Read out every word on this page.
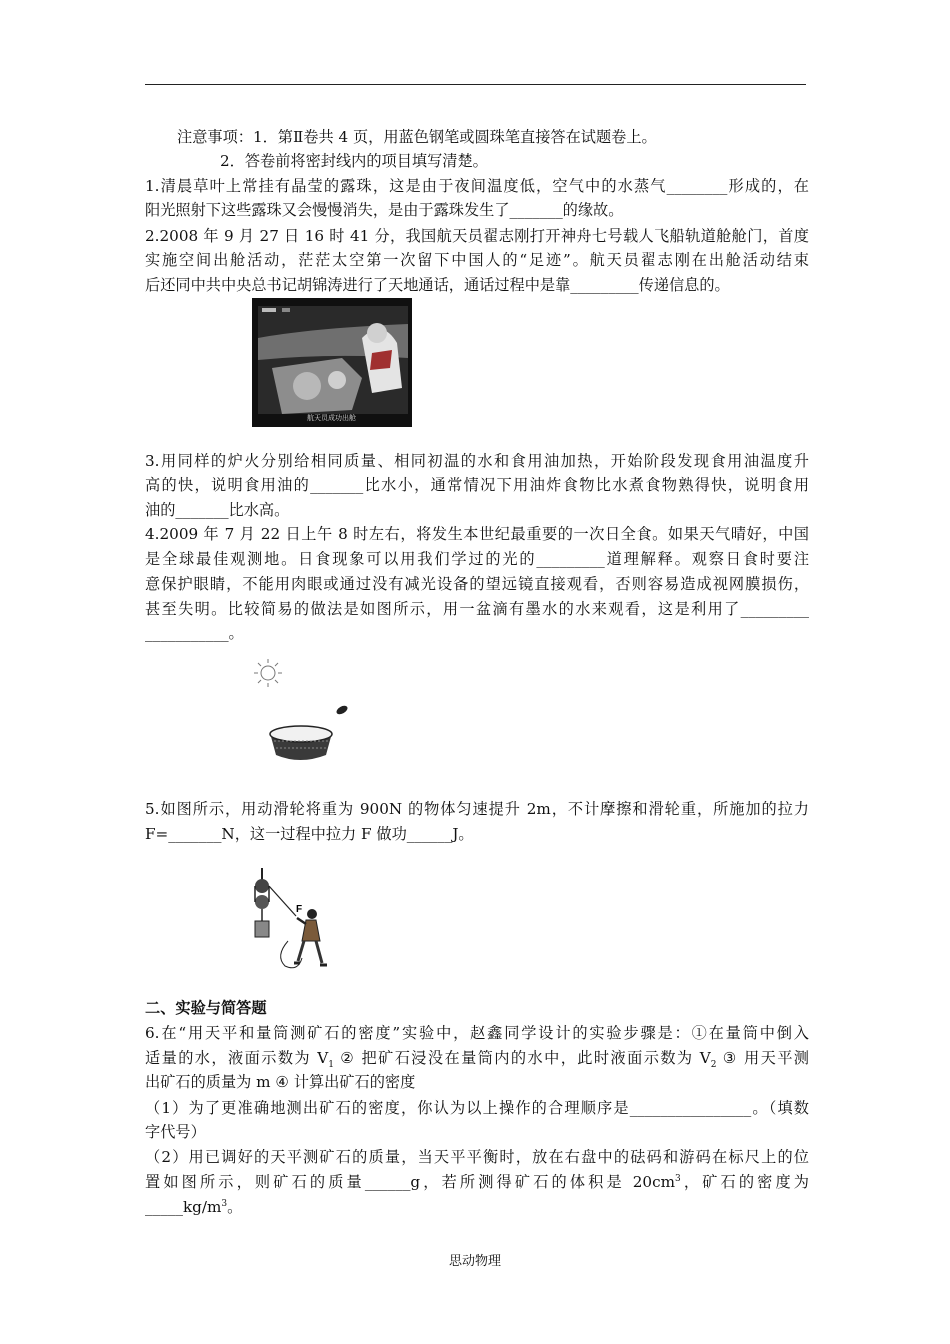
注意事项：1．第Ⅱ卷共 4 页，用蓝色钢笔或圆珠笔直接答在试题卷上。
2．答卷前将密封线内的项目填写清楚。
1.清晨草叶上常挂有晶莹的露珠，这是由于夜间温度低，空气中的水蒸气________形成的，在
阳光照射下这些露珠又会慢慢消失，是由于露珠发生了_______的缘故。
2.2008 年 9 月 27 日 16 时 41 分，我国航天员翟志刚打开神舟七号载人飞船轨道舱舱门，首度
实施空间出舱活动，茫茫太空第一次留下中国人的“足迹”。航天员翟志刚在出舱活动结束
后还同中共中央总书记胡锦涛进行了天地通话，通话过程中是靠_________传递信息的。
航天员成功出舱
3.用同样的炉火分别给相同质量、相同初温的水和食用油加热，开始阶段发现食用油温度升
高的快，说明食用油的_______比水小，通常情况下用油炸食物比水煮食物熟得快，说明食用
油的_______比水高。
4.2009 年 7 月 22 日上午 8 时左右，将发生本世纪最重要的一次日全食。如果天气晴好，中国
是全球最佳观测地。日食现象可以用我们学过的光的_________道理解释。观察日食时要注
意保护眼睛，不能用肉眼或通过没有减光设备的望远镜直接观看，否则容易造成视网膜损伤，
甚至失明。比较简易的做法是如图所示，用一盆滴有墨水的水来观看，这是利用了_________
___________。
5.如图所示，用动滑轮将重为 900N 的物体匀速提升 2m，不计摩擦和滑轮重，所施加的拉力
F=_______N，这一过程中拉力 F 做功______J。
F
二、实验与简答题
6.在“用天平和量筒测矿石的密度”实验中，赵鑫同学设计的实验步骤是：①在量筒中倒入
适量的水，液面示数为 $V_1$ ② 把矿石浸没在量筒内的水中，此时液面示数为 $V_2$ ③ 用天平测
出矿石的质量为 m ④ 计算出矿石的密度
（1）为了更准确地测出矿石的密度，你认为以上操作的合理顺序是________________。（填数
字代号）
（2）用已调好的天平测矿石的质量，当天平平衡时，放在右盘中的砝码和游码在标尺上的位
置如图所示，则矿石的质量______g，若所测得矿石的体积是 $20cm^3$，矿石的密度为
$\_\_\_\_\_kg/m^3$。
思动物理
